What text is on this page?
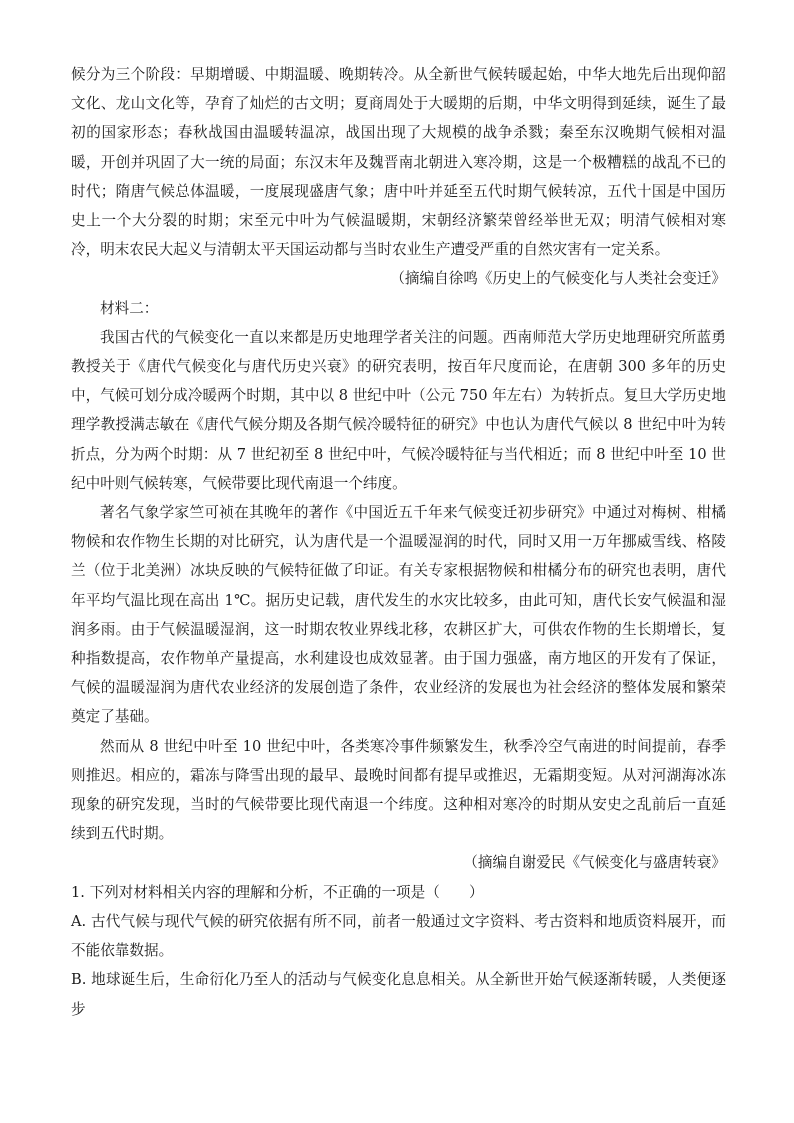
候分为三个阶段：早期增暖、中期温暖、晚期转冷。从全新世气候转暖起始，中华大地先后出现仰韶文化、龙山文化等，孕育了灿烂的古文明；夏商周处于大暖期的后期，中华文明得到延续，诞生了最初的国家形态；春秋战国由温暖转温凉，战国出现了大规模的战争杀戮；秦至东汉晚期气候相对温暖，开创并巩固了大一统的局面；东汉末年及魏晋南北朝进入寒冷期，这是一个极糟糕的战乱不已的时代；隋唐气候总体温暖，一度展现盛唐气象；唐中叶并延至五代时期气候转凉，五代十国是中国历史上一个大分裂的时期；宋至元中叶为气候温暖期，宋朝经济繁荣曾经举世无双；明清气候相对寒冷，明末农民大起义与清朝太平天国运动都与当时农业生产遭受严重的自然灾害有一定关系。

（摘编自徐鸣《历史上的气候变化与人类社会变迁》

材料二：

我国古代的气候变化一直以来都是历史地理学者关注的问题。西南师范大学历史地理研究所蓝勇教授关于《唐代气候变化与唐代历史兴衰》的研究表明，按百年尺度而论，在唐朝 300 多年的历史中，气候可划分成冷暖两个时期，其中以 8 世纪中叶（公元 750 年左右）为转折点。复旦大学历史地理学教授满志敏在《唐代气候分期及各期气候冷暖特征的研究》中也认为唐代气候以 8 世纪中叶为转折点，分为两个时期：从 7 世纪初至 8 世纪中叶，气候冷暖特征与当代相近；而 8 世纪中叶至 10 世纪中叶则气候转寒，气候带要比现代南退一个纬度。

著名气象学家竺可祯在其晚年的著作《中国近五千年来气候变迁初步研究》中通过对梅树、柑橘物候和农作物生长期的对比研究，认为唐代是一个温暖湿润的时代，同时又用一万年挪威雪线、格陵兰（位于北美洲）冰块反映的气候特征做了印证。有关专家根据物候和柑橘分布的研究也表明，唐代年平均气温比现在高出 1℃。据历史记载，唐代发生的水灾比较多，由此可知，唐代长安气候温和湿润多雨。由于气候温暖湿润，这一时期农牧业界线北移，农耕区扩大，可供农作物的生长期增长，复种指数提高，农作物单产量提高，水利建设也成效显著。由于国力强盛，南方地区的开发有了保证，气候的温暖湿润为唐代农业经济的发展创造了条件，农业经济的发展也为社会经济的整体发展和繁荣奠定了基础。

然而从 8 世纪中叶至 10 世纪中叶，各类寒冷事件频繁发生，秋季冷空气南进的时间提前，春季则推迟。相应的，霜冻与降雪出现的最早、最晚时间都有提早或推迟，无霜期变短。从对河湖海冰冻现象的研究发现，当时的气候带要比现代南退一个纬度。这种相对寒冷的时期从安史之乱前后一直延续到五代时期。

（摘编自谢爱民《气候变化与盛唐转衰》

1. 下列对材料相关内容的理解和分析，不正确的一项是（　　）

A. 古代气候与现代气候的研究依据有所不同，前者一般通过文字资料、考古资料和地质资料展开，而不能依靠数据。

B. 地球诞生后，生命衍化乃至人的活动与气候变化息息相关。从全新世开始气候逐渐转暖，人类便逐步
